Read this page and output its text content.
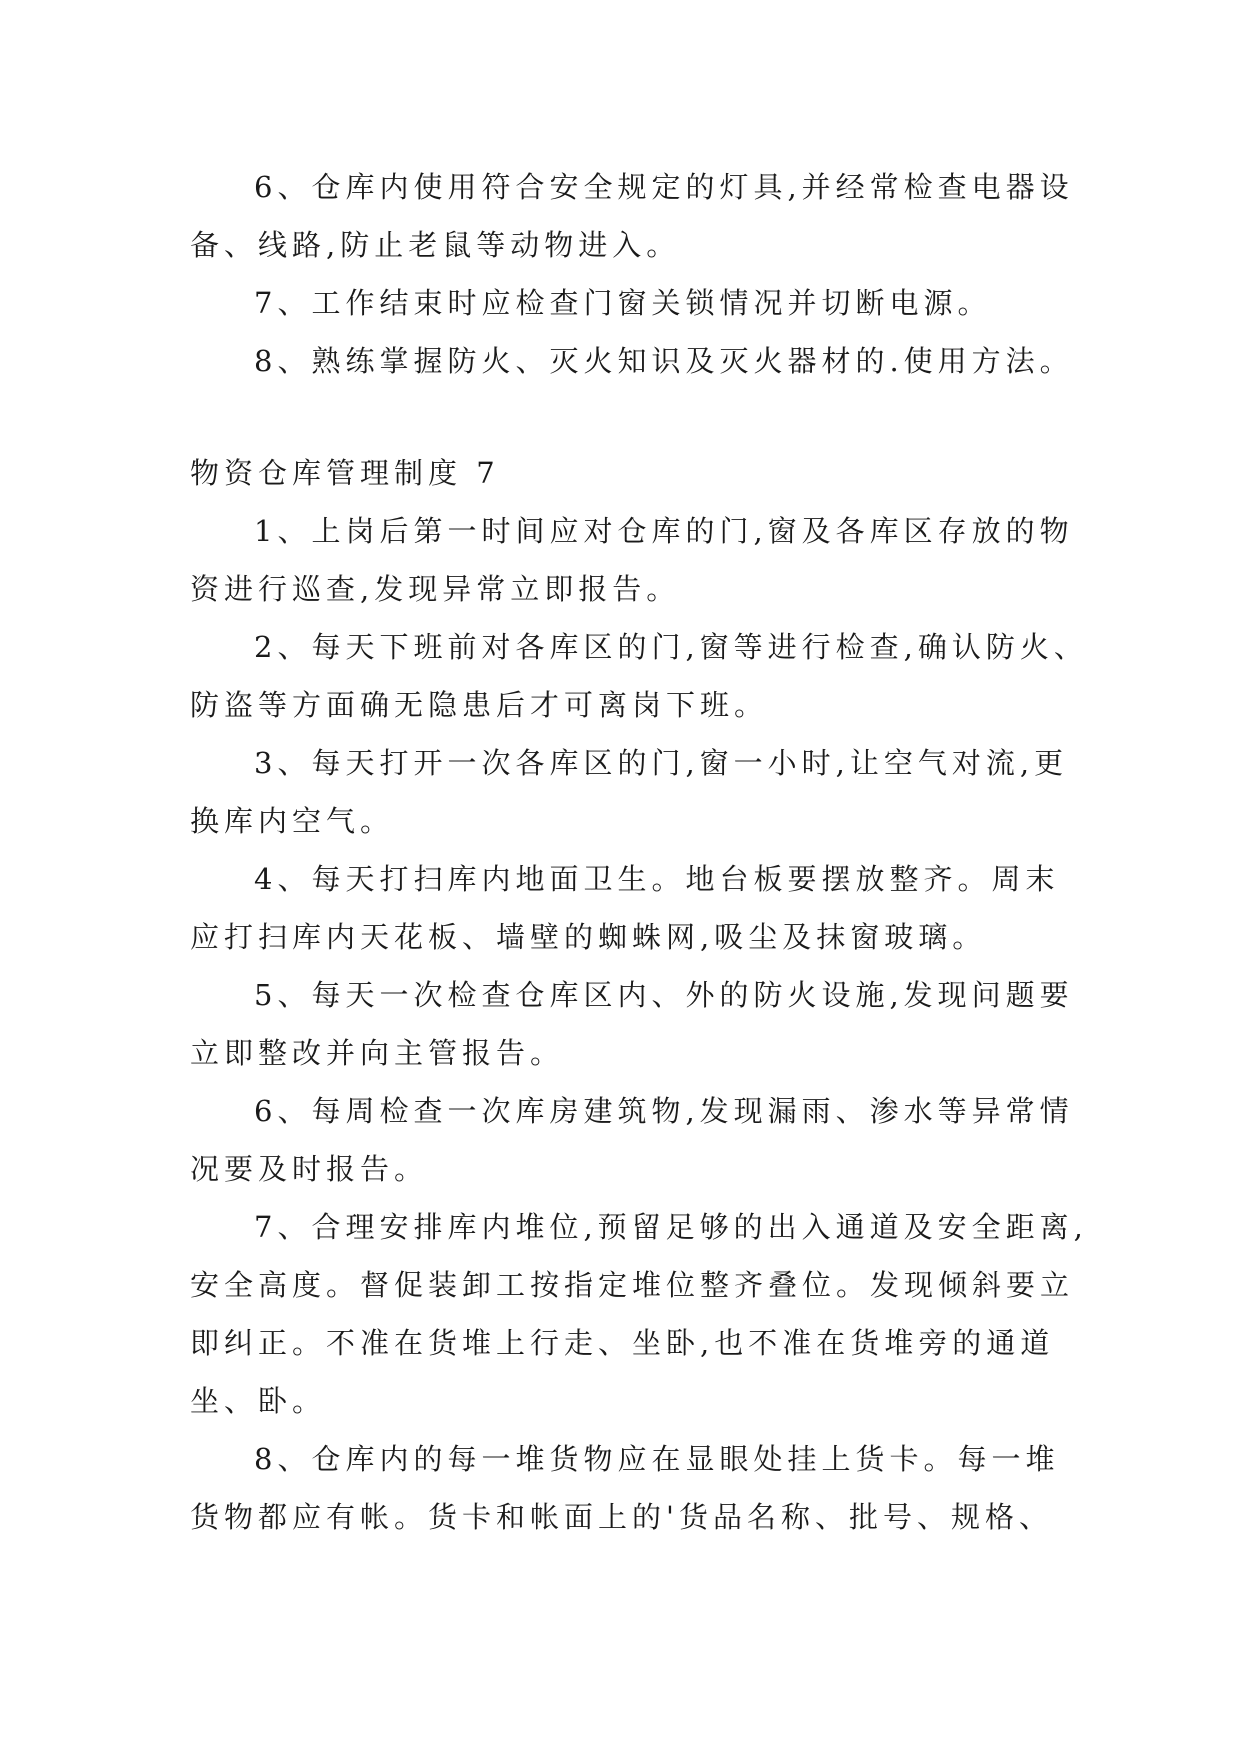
6、仓库内使用符合安全规定的灯具,并经常检查电器设
备、线路,防止老鼠等动物进入。

7、工作结束时应检查门窗关锁情况并切断电源。

8、熟练掌握防火、灭火知识及灭火器材的.使用方法。

物资仓库管理制度 7

1、上岗后第一时间应对仓库的门,窗及各库区存放的物
资进行巡查,发现异常立即报告。

2、每天下班前对各库区的门,窗等进行检查,确认防火、
防盗等方面确无隐患后才可离岗下班。

3、每天打开一次各库区的门,窗一小时,让空气对流,更
换库内空气。

4、每天打扫库内地面卫生。地台板要摆放整齐。周末
应打扫库内天花板、墙壁的蜘蛛网,吸尘及抹窗玻璃。

5、每天一次检查仓库区内、外的防火设施,发现问题要
立即整改并向主管报告。

6、每周检查一次库房建筑物,发现漏雨、渗水等异常情
况要及时报告。

7、合理安排库内堆位,预留足够的出入通道及安全距离,
安全高度。督促装卸工按指定堆位整齐叠位。发现倾斜要立
即纠正。不准在货堆上行走、坐卧,也不准在货堆旁的通道
坐、卧。

8、仓库内的每一堆货物应在显眼处挂上货卡。每一堆
货物都应有帐。货卡和帐面上的'货品名称、批号、规格、
